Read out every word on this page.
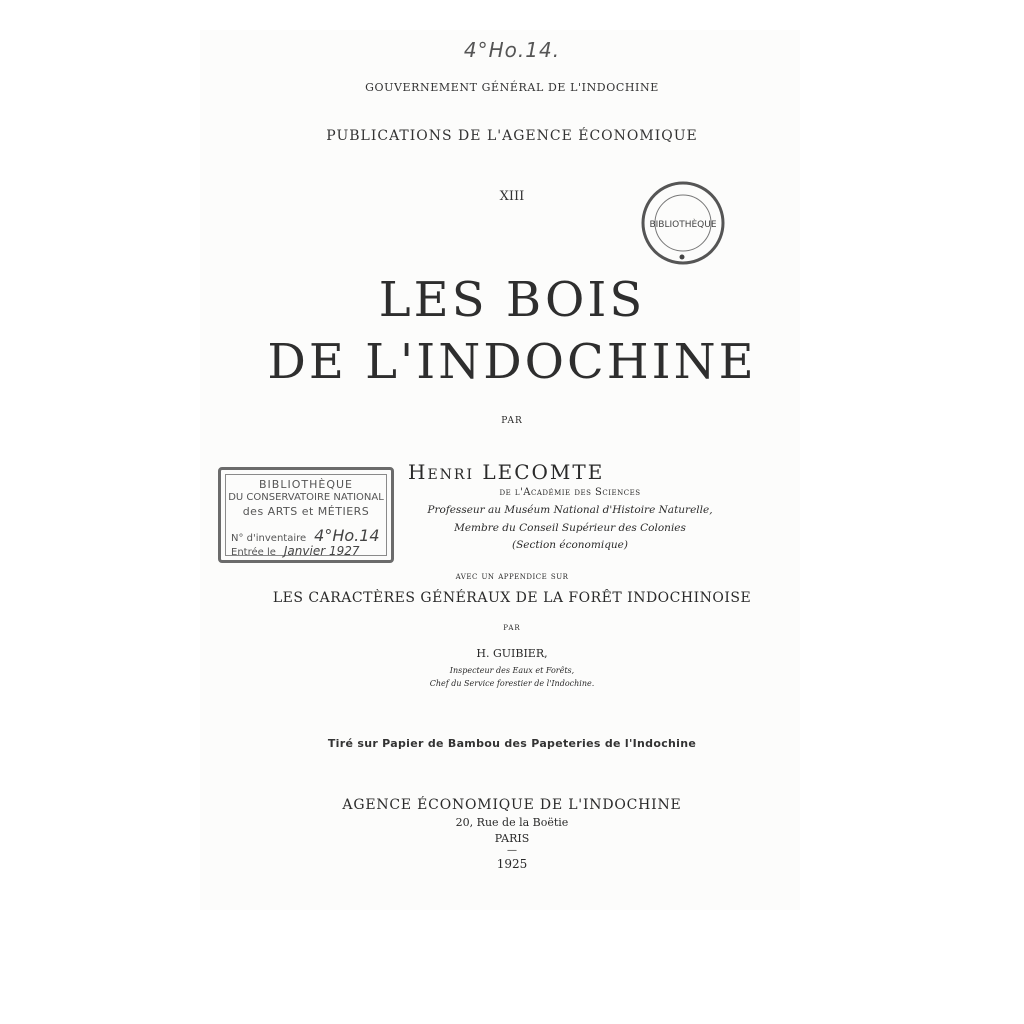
4°Ho.14.
GOUVERNEMENT GÉNÉRAL DE L'INDOCHINE
PUBLICATIONS DE L'AGENCE ÉCONOMIQUE
XIII
BIBLIOTHÈQUE
LES BOIS
DE L'INDOCHINE
PAR
Henri LECOMTE
de l'Académie des Sciences
Professeur au Muséum National d'Histoire Naturelle,
Membre du Conseil Supérieur des Colonies
(Section économique)
BIBLIOTHÈQUE
DU CONSERVATOIRE NATIONAL
des ARTS et MÉTIERS
N° d'inventaire 4°Ho.14
Entrée le Janvier 1927
avec un appendice sur
LES CARACTÈRES GÉNÉRAUX DE LA FORÊT INDOCHINOISE
PAR
H. GUIBIER,
Inspecteur des Eaux et Forêts,
Chef du Service forestier de l'Indochine.
Tiré sur Papier de Bambou des Papeteries de l'Indochine
AGENCE ÉCONOMIQUE DE L'INDOCHINE
20, Rue de la Boëtie
PARIS
—
1925
